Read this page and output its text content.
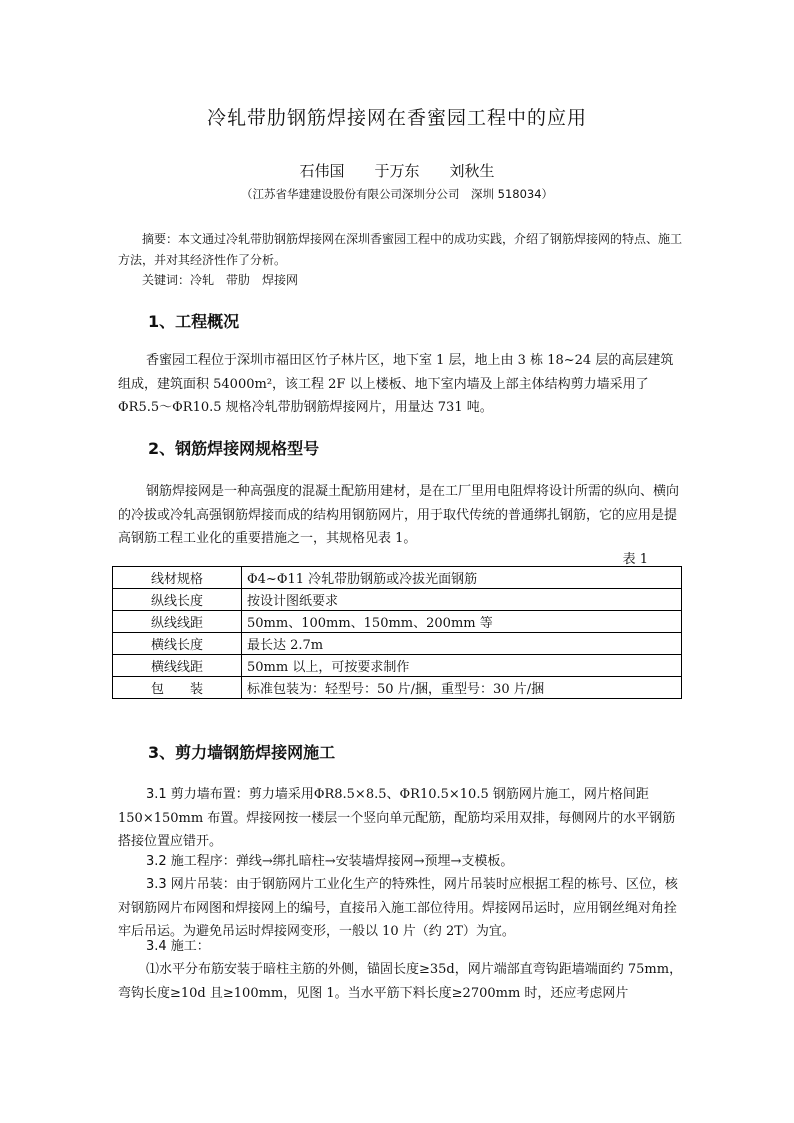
冷轧带肋钢筋焊接网在香蜜园工程中的应用
石伟国　　于万东　　刘秋生
（江苏省华建建设股份有限公司深圳分公司　深圳 518034）
摘要：本文通过冷轧带肋钢筋焊接网在深圳香蜜园工程中的成功实践，介绍了钢筋焊接网的特点、施工方法，并对其经济性作了分析。
关键词：冷轧　带肋　焊接网
1、工程概况
香蜜园工程位于深圳市福田区竹子林片区，地下室 1 层，地上由 3 栋 18~24 层的高层建筑组成，建筑面积 54000m²，该工程 2F 以上楼板、地下室内墙及上部主体结构剪力墙采用了ΦR5.5～ΦR10.5 规格冷轧带肋钢筋焊接网片，用量达 731 吨。
2、钢筋焊接网规格型号
钢筋焊接网是一种高强度的混凝土配筋用建材，是在工厂里用电阻焊将设计所需的纵向、横向的冷拔或冷轧高强钢筋焊接而成的结构用钢筋网片，用于取代传统的普通绑扎钢筋，它的应用是提高钢筋工程工业化的重要措施之一，其规格见表 1。
表 1
线材规格	Φ4~Φ11 冷轧带肋钢筋或冷拔光面钢筋
纵线长度	按设计图纸要求
纵线线距	50mm、100mm、150mm、200mm 等
横线长度	最长达 2.7m
横线线距	50mm 以上，可按要求制作
包　　装	标准包装为：轻型号：50 片/捆，重型号：30 片/捆
3、剪力墙钢筋焊接网施工
3.1 剪力墙布置：剪力墙采用ΦR8.5×8.5、ΦR10.5×10.5 钢筋网片施工，网片格间距 150×150mm 布置。焊接网按一楼层一个竖向单元配筋，配筋均采用双排，每侧网片的水平钢筋搭接位置应错开。
3.2 施工程序：弹线→绑扎暗柱→安装墙焊接网→预埋→支模板。
3.3 网片吊装：由于钢筋网片工业化生产的特殊性，网片吊装时应根据工程的栋号、区位，核对钢筋网片布网图和焊接网上的编号，直接吊入施工部位待用。焊接网吊运时，应用钢丝绳对角拴牢后吊运。为避免吊运时焊接网变形，一般以 10 片（约 2T）为宜。
3.4 施工：
⑴水平分布筋安装于暗柱主筋的外侧，锚固长度≥35d，网片端部直弯钩距墙端面约 75mm，弯钩长度≥10d 且≥100mm，见图 1。当水平筋下料长度≥2700mm 时，还应考虑网片
